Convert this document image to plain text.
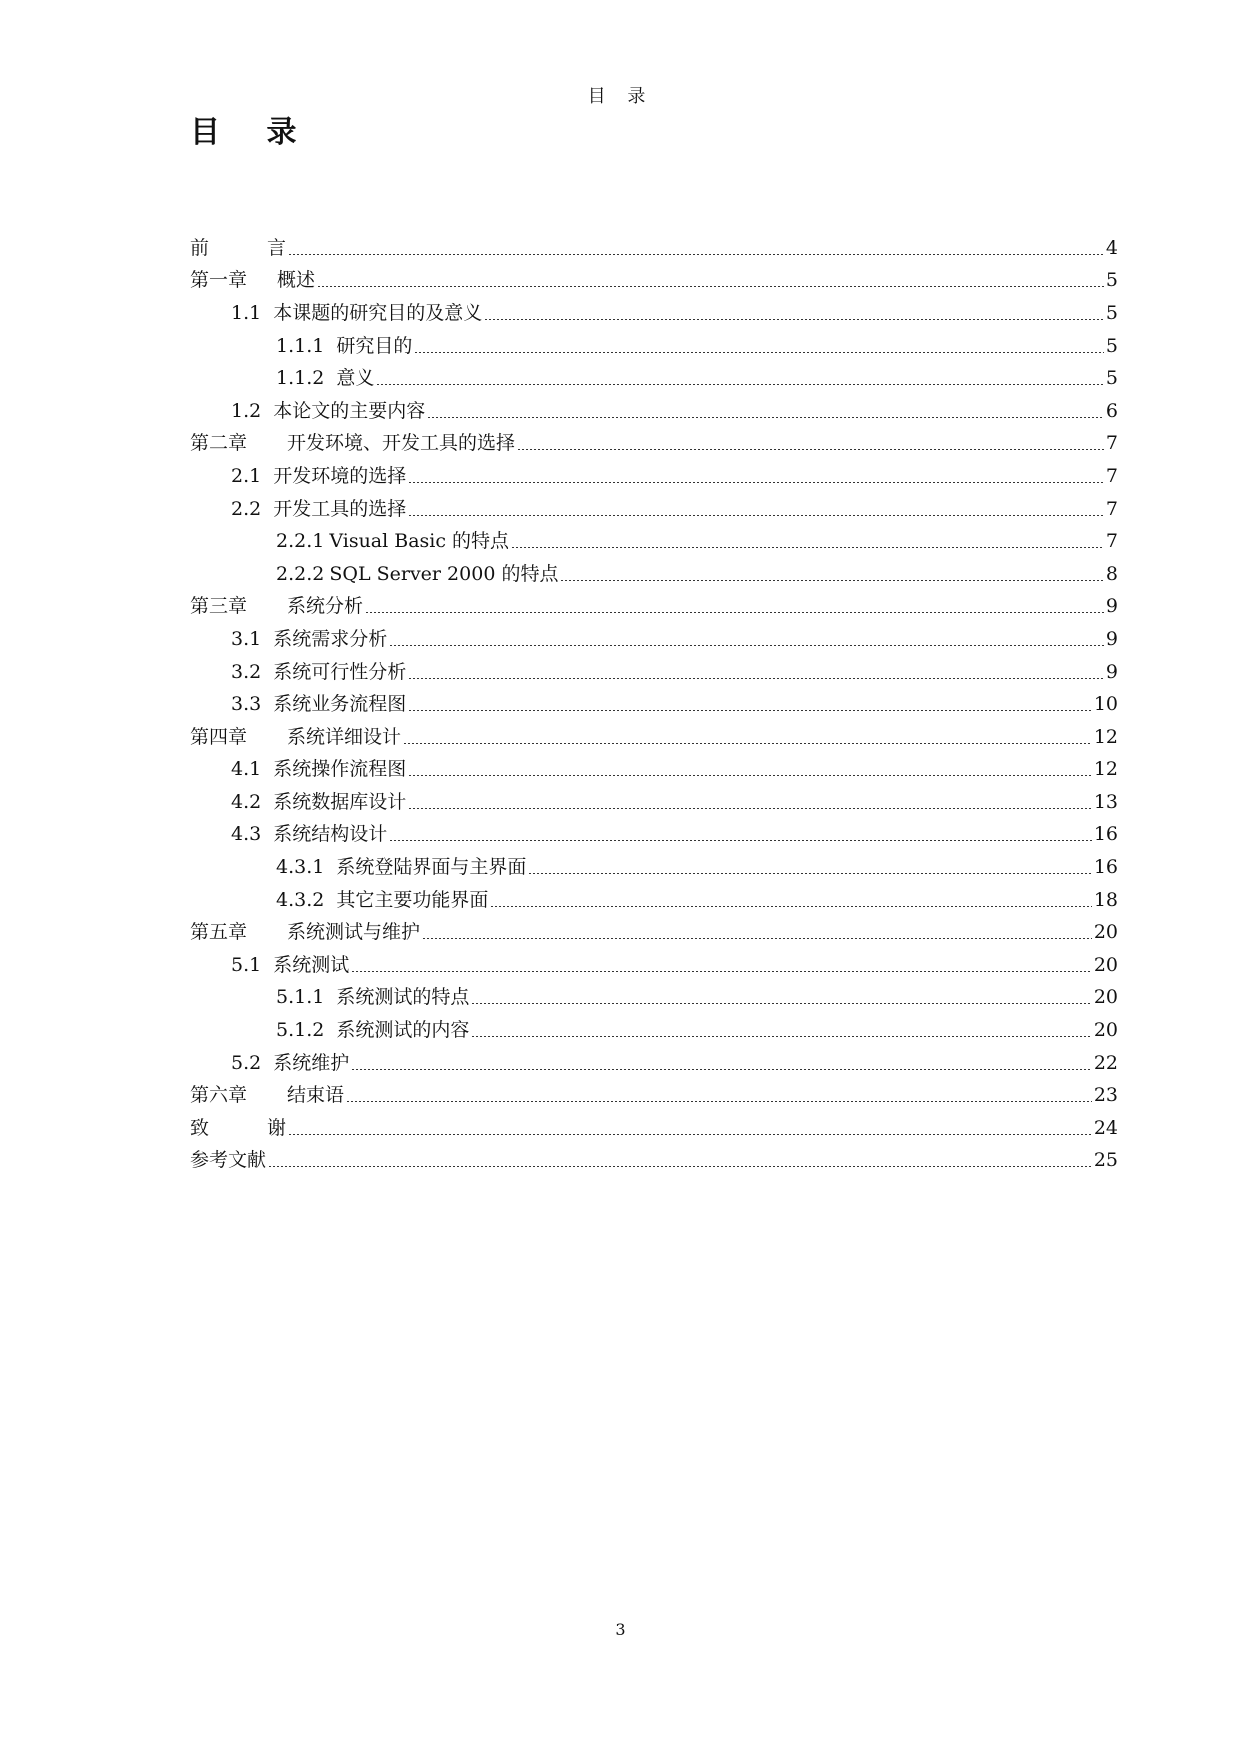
目 录
目 录
前	言	4
第一章 概述	5
1.1 本课题的研究目的及意义	5
1.1.1 研究目的	5
1.1.2 意义	5
1.2 本论文的主要内容	6
第二章 开发环境、开发工具的选择	7
2.1 开发环境的选择	7
2.2 开发工具的选择	7
2.2.1 Visual Basic 的特点	7
2.2.2 SQL Server 2000 的特点	8
第三章 系统分析	9
3.1 系统需求分析	9
3.2 系统可行性分析	9
3.3 系统业务流程图	10
第四章 系统详细设计	12
4.1 系统操作流程图	12
4.2 系统数据库设计	13
4.3 系统结构设计	16
4.3.1 系统登陆界面与主界面	16
4.3.2 其它主要功能界面	18
第五章 系统测试与维护	20
5.1 系统测试	20
5.1.1 系统测试的特点	20
5.1.2 系统测试的内容	20
5.2 系统维护	22
第六章 结束语	23
致	谢	24
参考文献	25
3
